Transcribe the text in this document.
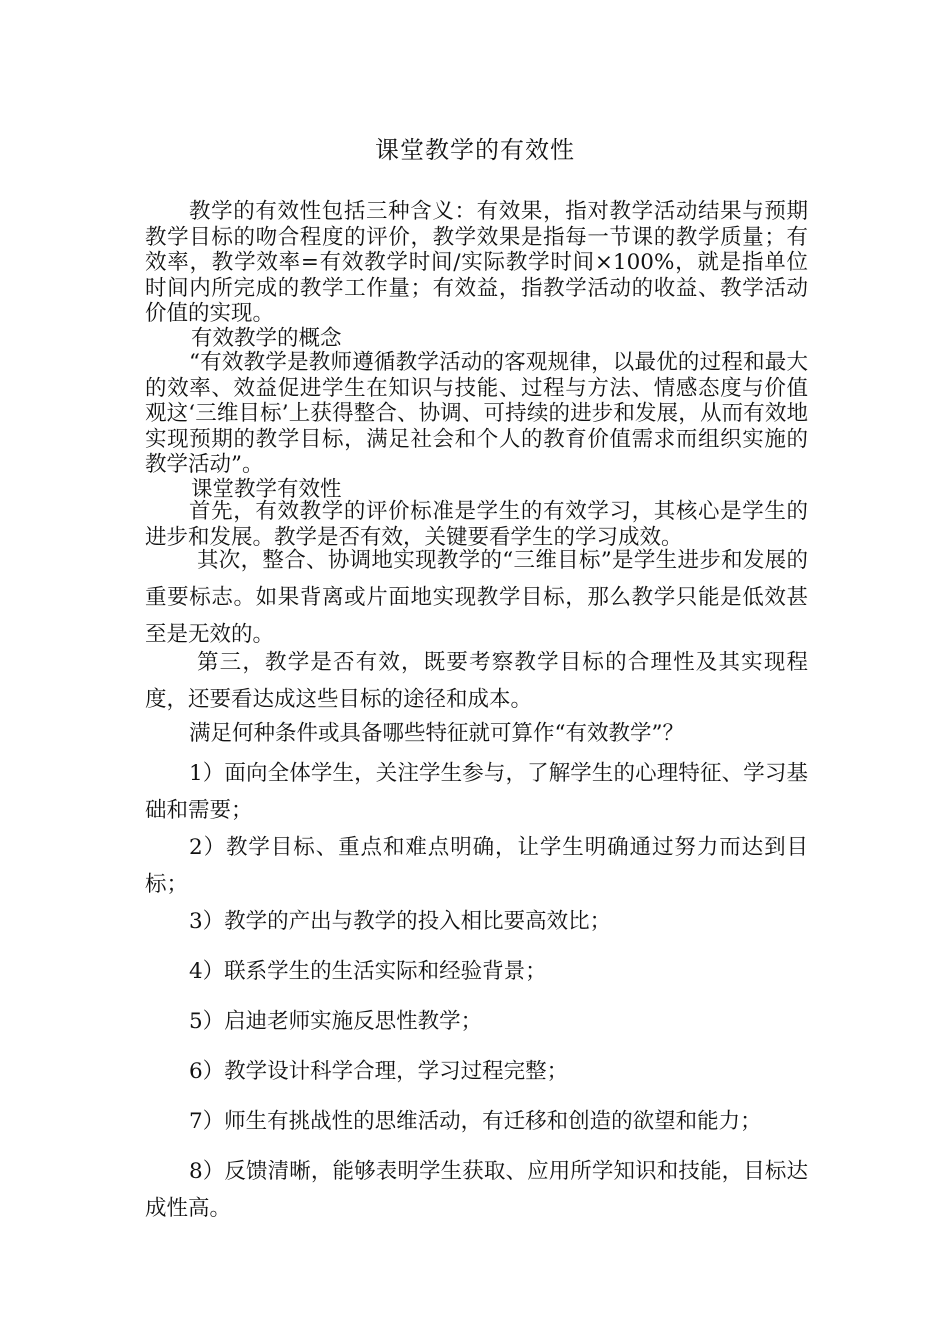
课堂教学的有效性

教学的有效性包括三种含义：有效果，指对教学活动结果与预期教学目标的吻合程度的评价，教学效果是指每一节课的教学质量；有效率，教学效率=有效教学时间/实际教学时间×100%，就是指单位时间内所完成的教学工作量；有效益，指教学活动的收益、教学活动价值的实现。

有效教学的概念

“有效教学是教师遵循教学活动的客观规律，以最优的过程和最大的效率、效益促进学生在知识与技能、过程与方法、情感态度与价值观这‘三维目标’上获得整合、协调、可持续的进步和发展，从而有效地实现预期的教学目标，满足社会和个人的教育价值需求而组织实施的教学活动”。

课堂教学有效性

首先，有效教学的评价标准是学生的有效学习，其核心是学生的进步和发展。教学是否有效，关键要看学生的学习成效。

其次，整合、协调地实现教学的“三维目标”是学生进步和发展的重要标志。如果背离或片面地实现教学目标，那么教学只能是低效甚至是无效的。

第三，教学是否有效，既要考察教学目标的合理性及其实现程度，还要看达成这些目标的途径和成本。

满足何种条件或具备哪些特征就可算作“有效教学”？

1）面向全体学生，关注学生参与，了解学生的心理特征、学习基础和需要；

2）教学目标、重点和难点明确，让学生明确通过努力而达到目标；

3）教学的产出与教学的投入相比要高效比；

4）联系学生的生活实际和经验背景；

5）启迪老师实施反思性教学；

6）教学设计科学合理，学习过程完整；

7）师生有挑战性的思维活动，有迁移和创造的欲望和能力；

8）反馈清晰，能够表明学生获取、应用所学知识和技能，目标达成性高。
